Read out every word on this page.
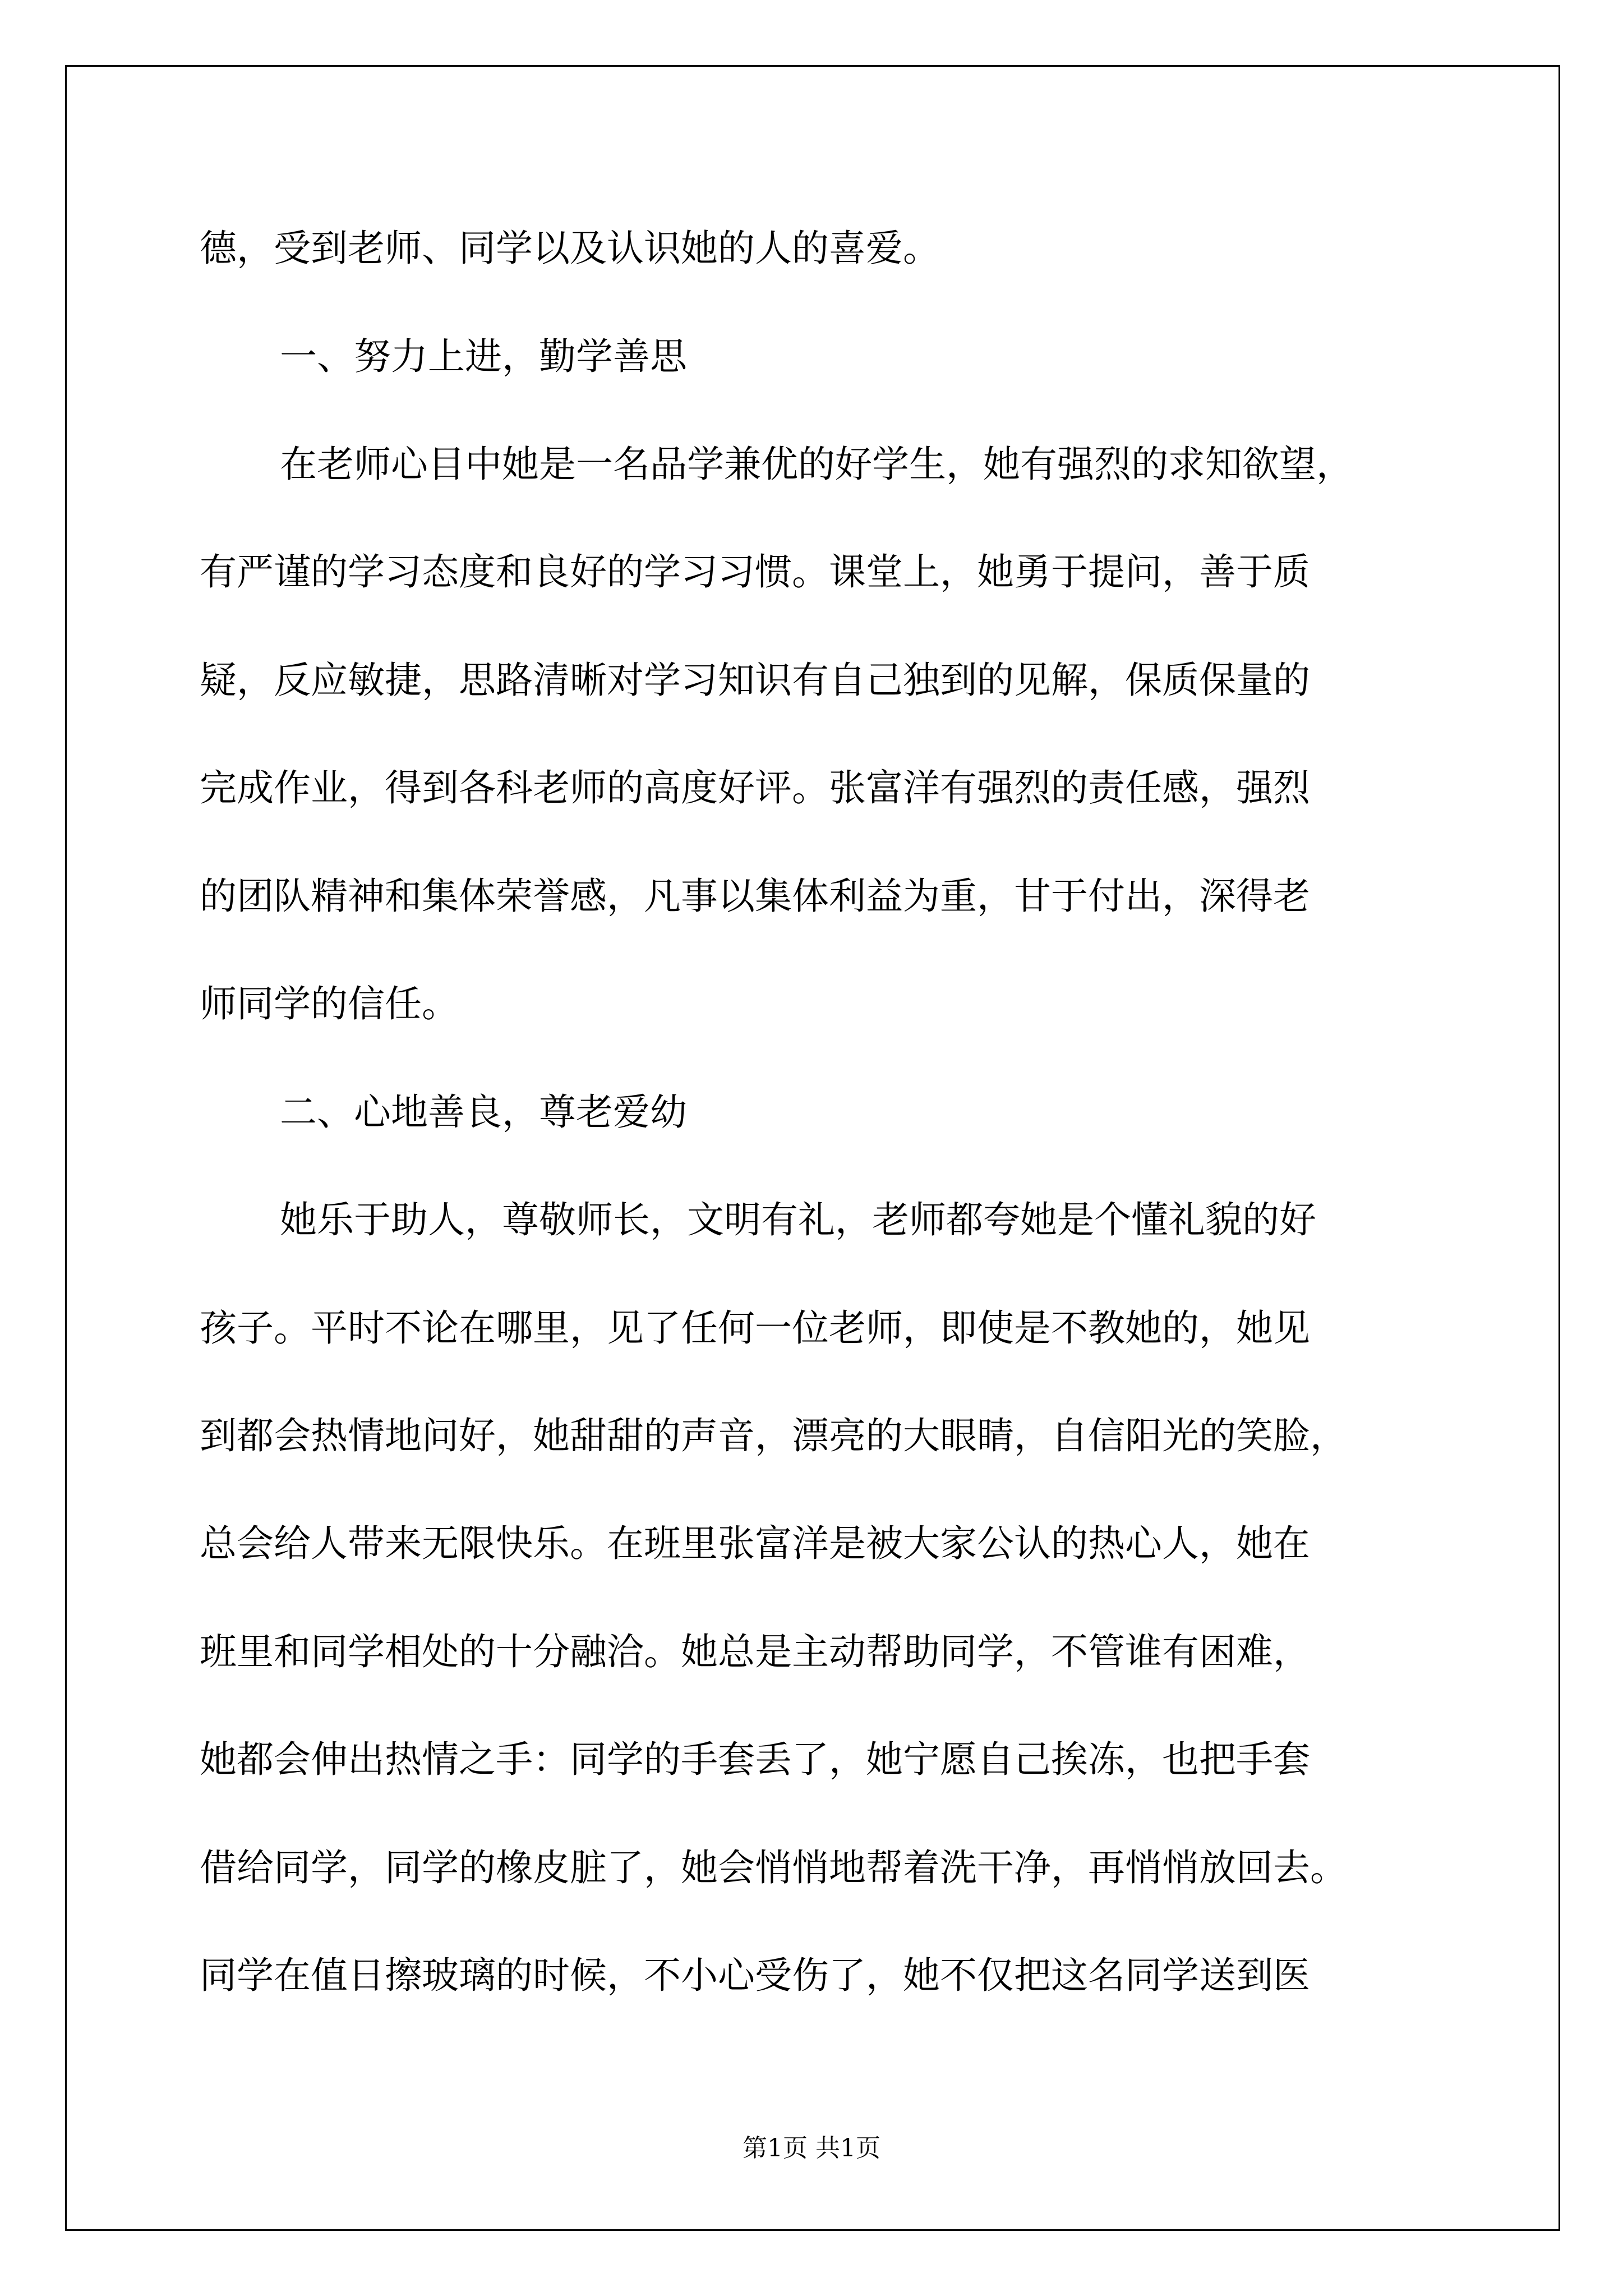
德，受到老师、同学以及认识她的人的喜爱。
一、努力上进，勤学善思
在老师心目中她是一名品学兼优的好学生，她有强烈的求知欲望，
有严谨的学习态度和良好的学习习惯。课堂上，她勇于提问，善于质
疑，反应敏捷，思路清晰对学习知识有自己独到的见解，保质保量的
完成作业，得到各科老师的高度好评。张富洋有强烈的责任感，强烈
的团队精神和集体荣誉感，凡事以集体利益为重，甘于付出，深得老
师同学的信任。
二、心地善良，尊老爱幼
她乐于助人，尊敬师长，文明有礼，老师都夸她是个懂礼貌的好
孩子。平时不论在哪里，见了任何一位老师，即使是不教她的，她见
到都会热情地问好，她甜甜的声音，漂亮的大眼睛，自信阳光的笑脸，
总会给人带来无限快乐。在班里张富洋是被大家公认的热心人，她在
班里和同学相处的十分融洽。她总是主动帮助同学，不管谁有困难，
她都会伸出热情之手：同学的手套丢了，她宁愿自己挨冻，也把手套
借给同学，同学的橡皮脏了，她会悄悄地帮着洗干净，再悄悄放回去。
同学在值日擦玻璃的时候，不小心受伤了，她不仅把这名同学送到医
第1页 共1页
